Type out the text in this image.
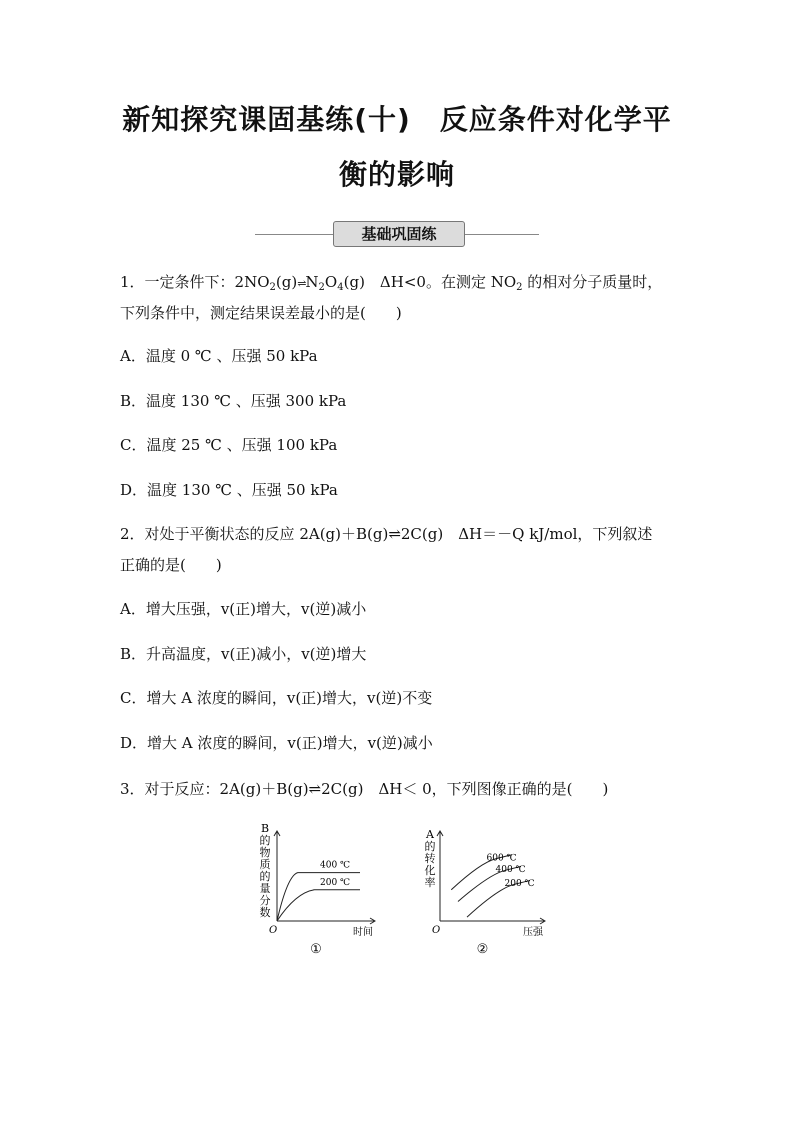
新知探究课固基练(十)　反应条件对化学平
衡的影响
基础巩固练
1．一定条件下：$2NO_2(g)\rightleftharpoons N_2O_4(g)$　ΔH<0。在测定 $NO_2$ 的相对分子质量时，
下列条件中，测定结果误差最小的是(　　)
A．温度 0 ℃ 、压强 50 kPa
B．温度 130 ℃ 、压强 300 kPa
C．温度 25 ℃ 、压强 100 kPa
D．温度 130 ℃ 、压强 50 kPa
2．对处于平衡状态的反应 2A(g)＋B(g)⇌2C(g)　ΔH＝－Q kJ/mol，下列叙述
正确的是(　　)
A．增大压强，v(正)增大，v(逆)减小
B．升高温度，v(正)减小，v(逆)增大
C．增大 A 浓度的瞬间，v(正)增大，v(逆)不变
D．增大 A 浓度的瞬间，v(正)增大，v(逆)减小
3．对于反应：2A(g)＋B(g)⇌2C(g)　ΔH＜ 0，下列图像正确的是(　　)
B
的
物
质
的
量
分
数
O	时间
①
400 ℃
200 ℃
A
的
转
化
率
O	压强
②
600 ℃
400 ℃
200 ℃
